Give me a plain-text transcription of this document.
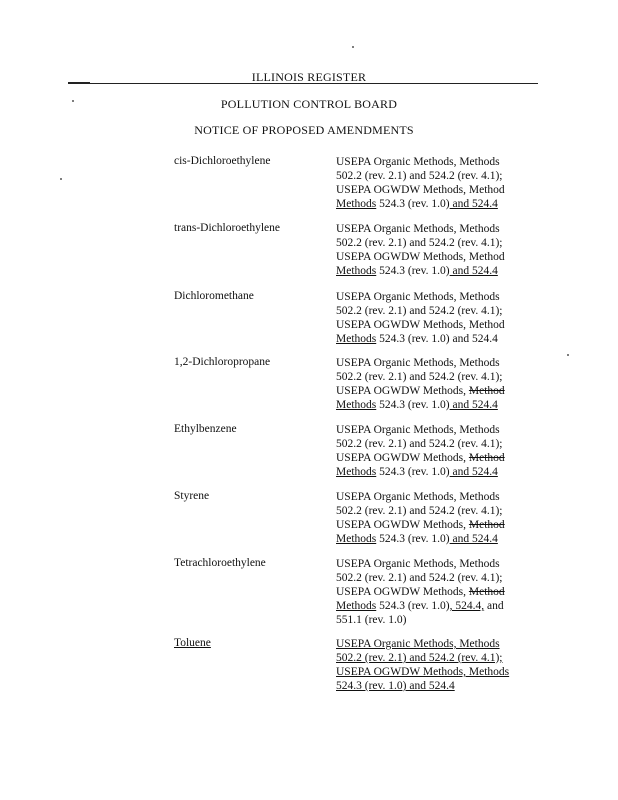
ILLINOIS REGISTER
POLLUTION CONTROL BOARD
NOTICE OF PROPOSED AMENDMENTS
cis-Dichloroethylene	USEPA Organic Methods, Methods
502.2 (rev. 2.1) and 524.2 (rev. 4.1);
USEPA OGWDW Methods, Method
Methods 524.3 (rev. 1.0) and 524.4
trans-Dichloroethylene	USEPA Organic Methods, Methods
502.2 (rev. 2.1) and 524.2 (rev. 4.1);
USEPA OGWDW Methods, Method
Methods 524.3 (rev. 1.0) and 524.4
Dichloromethane	USEPA Organic Methods, Methods
502.2 (rev. 2.1) and 524.2 (rev. 4.1);
USEPA OGWDW Methods, Method
Methods 524.3 (rev. 1.0) and 524.4
1,2-Dichloropropane	USEPA Organic Methods, Methods
502.2 (rev. 2.1) and 524.2 (rev. 4.1);
USEPA OGWDW Methods, Method
Methods 524.3 (rev. 1.0) and 524.4
Ethylbenzene	USEPA Organic Methods, Methods
502.2 (rev. 2.1) and 524.2 (rev. 4.1);
USEPA OGWDW Methods, Method
Methods 524.3 (rev. 1.0) and 524.4
Styrene	USEPA Organic Methods, Methods
502.2 (rev. 2.1) and 524.2 (rev. 4.1);
USEPA OGWDW Methods, Method
Methods 524.3 (rev. 1.0) and 524.4
Tetrachloroethylene	USEPA Organic Methods, Methods
502.2 (rev. 2.1) and 524.2 (rev. 4.1);
USEPA OGWDW Methods, Method
Methods 524.3 (rev. 1.0), 524.4, and
551.1 (rev. 1.0)
Toluene	USEPA Organic Methods, Methods
502.2 (rev. 2.1) and 524.2 (rev. 4.1);
USEPA OGWDW Methods, Methods
524.3 (rev. 1.0) and 524.4
